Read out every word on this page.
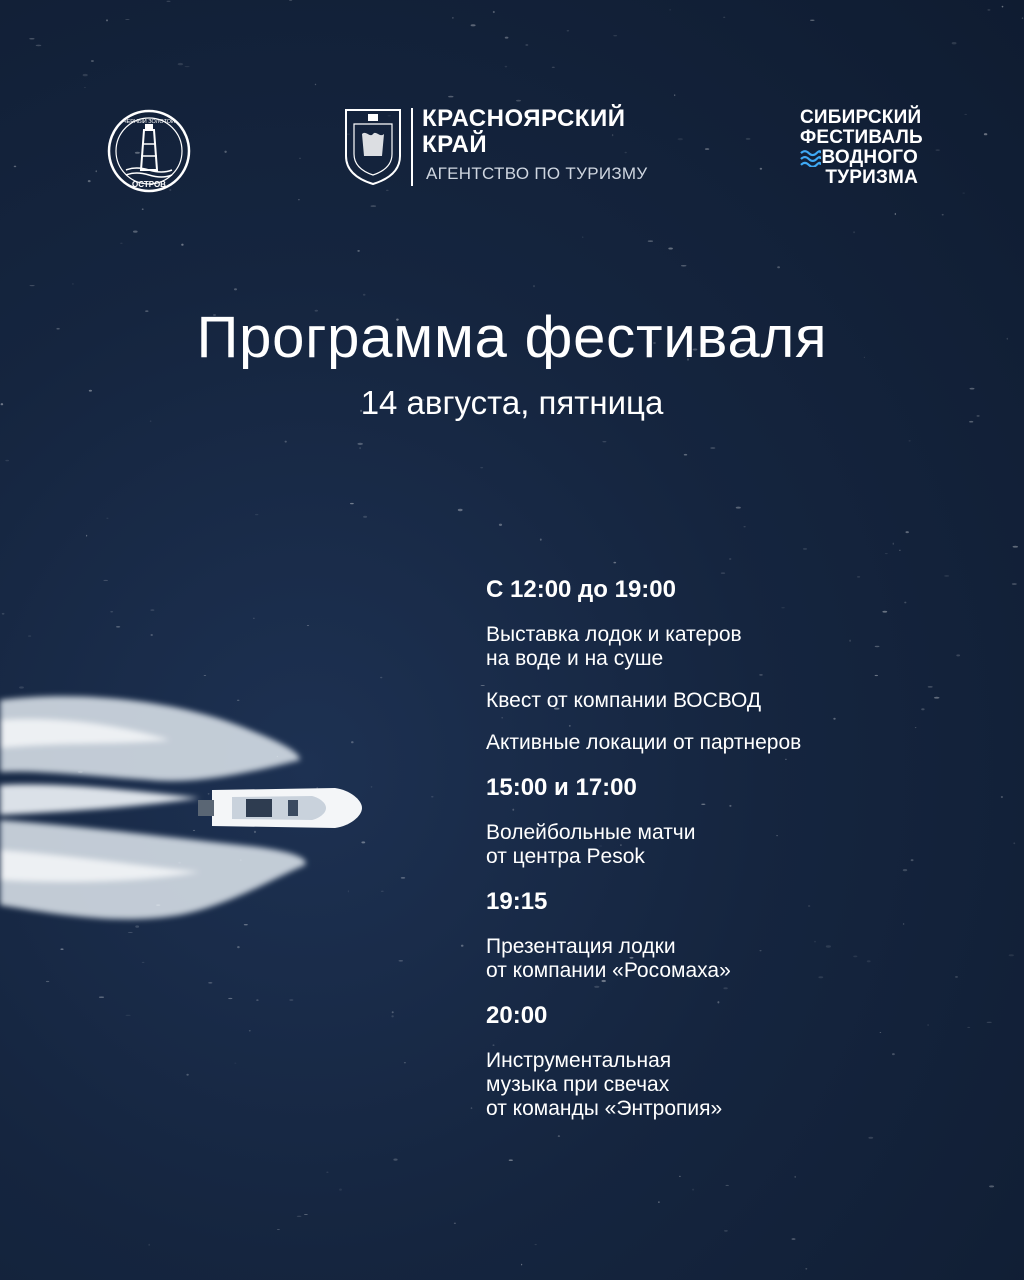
ЧЕРНЫЙ ЗОЛОТОЙ
ОСТРОВ
КРАСНОЯРСКИЙ
КРАЙ
АГЕНТСТВО ПО ТУРИЗМУ
СИБИРСКИЙ
ФЕСТИВАЛЬ
ВОДНОГО
ТУРИЗМА
Программа фестиваля
14 августа, пятница
С 12:00 до 19:00
Выставка лодок и катеров
на воде и на суше
Квест от компании ВОСВОД
Активные локации от партнеров
15:00 и 17:00
Волейбольные матчи
от центра Pesok
19:15
Презентация лодки
от компании «Росомаха»
20:00
Инструментальная
музыка при свечах
от команды «Энтропия»
